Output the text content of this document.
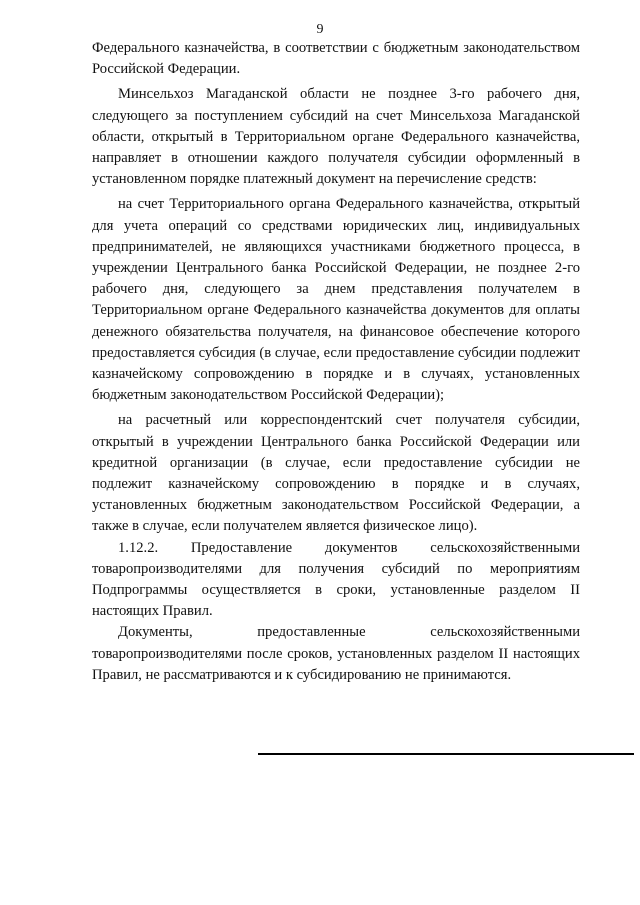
9

Федерального казначейства, в соответствии с бюджетным законодательством Российской Федерации.

Минсельхоз Магаданской области не позднее 3-го рабочего дня, следующего за поступлением субсидий на счет Минсельхоза Магаданской области, открытый в Территориальном органе Федерального казначейства, направляет в отношении каждого получателя субсидии оформленный в установленном порядке платежный документ на перечисление средств:

на счет Территориального органа Федерального казначейства, открытый для учета операций со средствами юридических лиц, индивидуальных предпринимателей, не являющихся участниками бюджетного процесса, в учреждении Центрального банка Российской Федерации, не позднее 2-го рабочего дня, следующего за днем представления получателем в Территориальном органе Федерального казначейства документов для оплаты денежного обязательства получателя, на финансовое обеспечение которого предоставляется субсидия (в случае, если предоставление субсидии подлежит казначейскому сопровождению в порядке и в случаях, установленных бюджетным законодательством Российской Федерации);

на расчетный или корреспондентский счет получателя субсидии, открытый в учреждении Центрального банка Российской Федерации или кредитной организации (в случае, если предоставление субсидии не подлежит казначейскому сопровождению в порядке и в случаях, установленных бюджетным законодательством Российской Федерации, а также в случае, если получателем является физическое лицо).

1.12.2. Предоставление документов сельскохозяйственными

товаропроизводителями для получения субсидий по мероприятиям Подпрограммы осуществляется в сроки, установленные разделом II настоящих Правил.

Документы,	предоставленные	сельскохозяйственными

товаропроизводителями после сроков, установленных разделом II настоящих Правил, не рассматриваются и к субсидированию не принимаются.
